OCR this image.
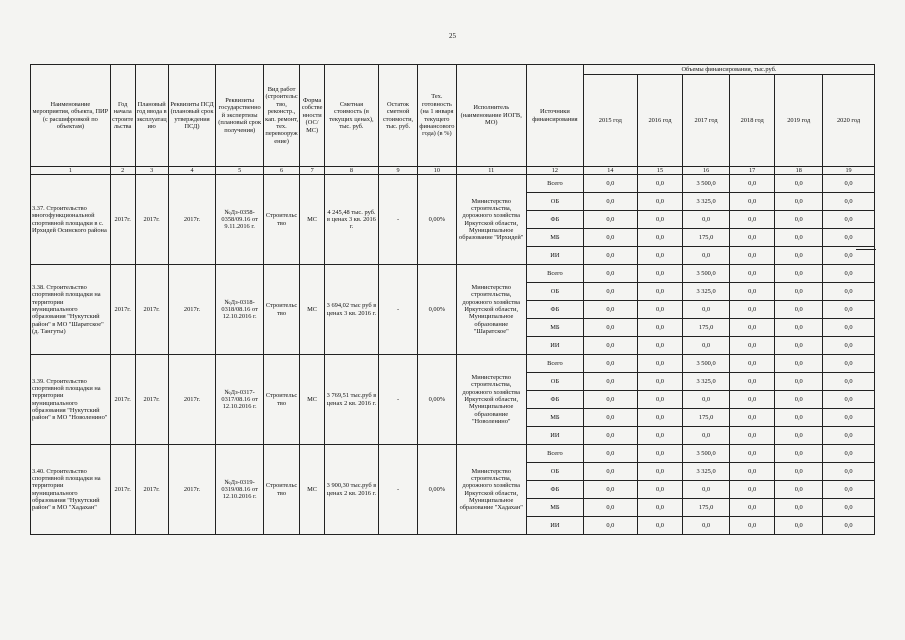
25
Наименование мероприятия, объекта, ПИР (с расшифровкой по объектам)	Год начала строительства	Плановый год ввода в эксплуатацию	Реквизиты ПСД (плановый срок утверждения ПСД)	Реквизиты государственной экспертизы (плановый срок получения)	Вид работ (строительство, реконстр., кап. ремонт, тех. перевооружение)	Форма собственности (ОС/МС)	Сметная стоимость (в текущих ценах), тыс. руб.	Остаток сметной стоимости, тыс. руб.	Тех. готовность (на 1 января текущего финансового года) (в %)	Исполнитель (наименование ИОГВ, МО)	Источники финансирования	Объемы финансирования, тыс.руб.					
												2015 год	2016 год	2017 год	2018 год	2019 год	2020 год
1	2	3	4	5	6	7	8	9	10	11	12	14	15	16	17	18	19
3.37. Строительство многофункциональной спортивной площадки в с. Ирхидей Осинского района	2017г.	2017г.	2017г.	№Дз-0358-0358/09.16 от 9.11.2016 г.	Строительство	МС	4 245,48 тыс. руб. в ценах 3 кв. 2016 г.	-	0,00%	Министерство строительства, дорожного хозяйства Иркутской области, Муниципальное образование "Ирхидей"	Всего	0,0	0,0	3 500,0	0,0	0,0	0,0
											ОБ	0,0	0,0	3 325,0	0,0	0,0	0,0
											ФБ	0,0	0,0	0,0	0,0	0,0	0,0
											МБ	0,0	0,0	175,0	0,0	0,0	0,0
											ИИ	0,0	0,0	0,0	0,0	0,0	0,0
3.38. Строительство спортивной площадки на территории муниципального образования "Нукутский район" в МО "Шаратское" (д. Тангуты)	2017г.	2017г.	2017г.	№Дз-0318-0318/08.16 от 12.10.2016 г.	Строительство	МС	3 694,02 тыс руб в ценах 3 кв. 2016 г.	-	0,00%	Министерство строительства, дорожного хозяйства Иркутской области, Муниципальное образование "Шаратское"	Всего	0,0	0,0	3 500,0	0,0	0,0	0,0
											ОБ	0,0	0,0	3 325,0	0,0	0,0	0,0
											ФБ	0,0	0,0	0,0	0,0	0,0	0,0
											МБ	0,0	0,0	175,0	0,0	0,0	0,0
											ИИ	0,0	0,0	0,0	0,0	0,0	0,0
3.39. Строительство спортивной площадки на территории муниципального образования "Нукутский район" в МО "Новоленино"	2017г.	2017г.	2017г.	№Дз-0317-0317/08.16 от 12.10.2016 г.	Строительство	МС	3 769,51 тыс.руб в ценах 2 кв. 2016 г.	-	0,00%	Министерство строительства, дорожного хозяйства Иркутской области, Муниципальное образование "Новоленино"	Всего	0,0	0,0	3 500,0	0,0	0,0	0,0
											ОБ	0,0	0,0	3 325,0	0,0	0,0	0,0
											ФБ	0,0	0,0	0,0	0,0	0,0	0,0
											МБ	0,0	0,0	175,0	0,0	0,0	0,0
											ИИ	0,0	0,0	0,0	0,0	0,0	0,0
3.40. Строительство спортивной площадки на территории муниципального образования "Нукутский район" в МО "Хадахан"	2017г.	2017г.	2017г.	№Дз-0319-0319/08.16 от 12.10.2016 г.	Строительство	МС	3 900,30 тыс.руб в ценах 2 кв. 2016 г.	-	0,00%	Министерство строительства, дорожного хозяйства Иркутской области, Муниципальное образование "Хадахан"	Всего	0,0	0,0	3 500,0	0,0	0,0	0,0
											ОБ	0,0	0,0	3 325,0	0,0	0,0	0,0
											ФБ	0,0	0,0	0,0	0,0	0,0	0,0
											МБ	0,0	0,0	175,0	0,0	0,0	0,0
											ИИ	0,0	0,0	0,0	0,0	0,0	0,0
